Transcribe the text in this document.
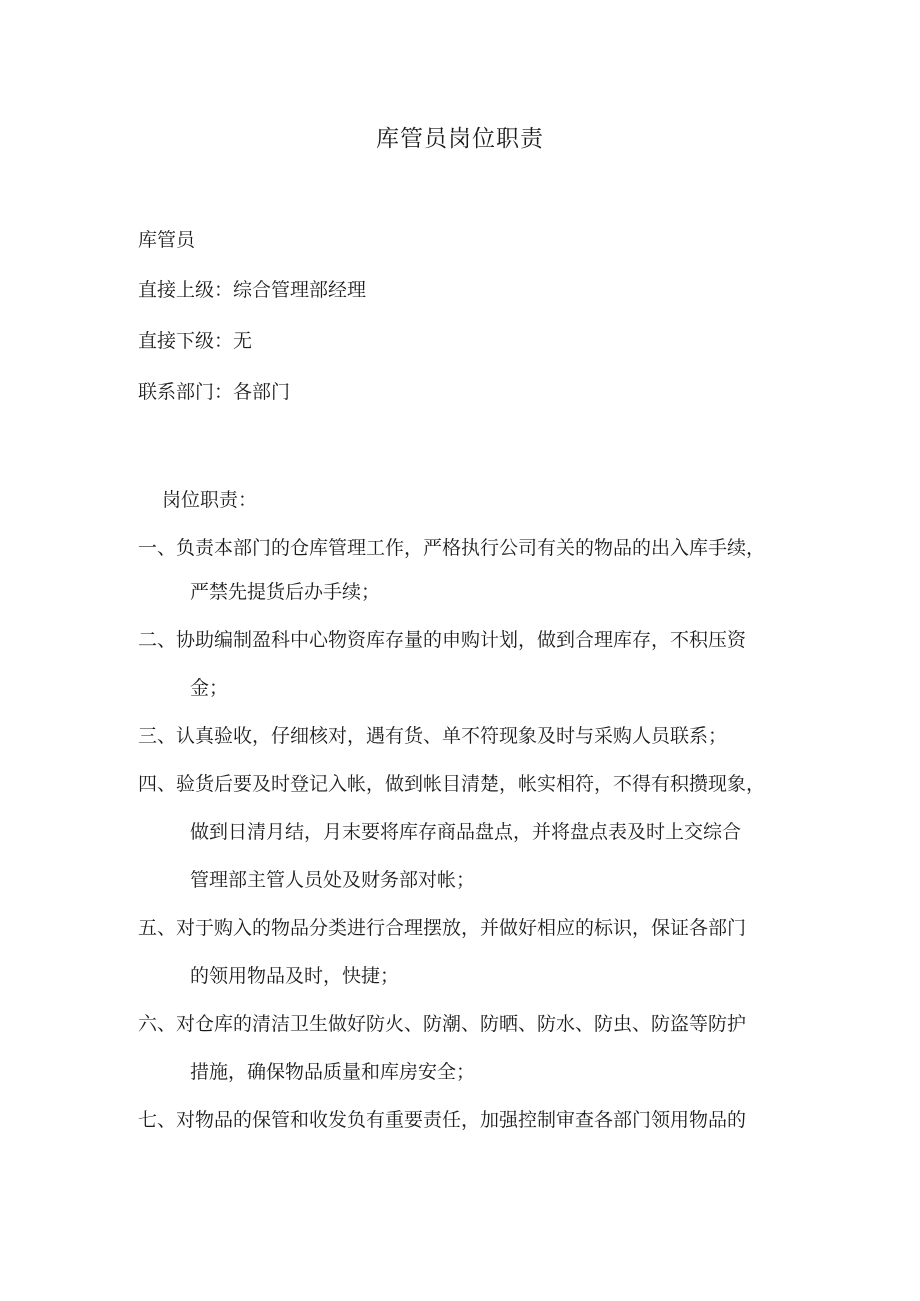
库管员岗位职责
库管员
直接上级：综合管理部经理
直接下级：无
联系部门：各部门
岗位职责：
一、负责本部门的仓库管理工作，严格执行公司有关的物品的出入库手续，
严禁先提货后办手续；
二、协助编制盈科中心物资库存量的申购计划，做到合理库存，不积压资
金；
三、认真验收，仔细核对，遇有货、单不符现象及时与采购人员联系；
四、验货后要及时登记入帐，做到帐目清楚，帐实相符，不得有积攒现象，
做到日清月结，月末要将库存商品盘点，并将盘点表及时上交综合
管理部主管人员处及财务部对帐；
五、对于购入的物品分类进行合理摆放，并做好相应的标识，保证各部门
的领用物品及时，快捷；
六、对仓库的清洁卫生做好防火、防潮、防晒、防水、防虫、防盗等防护
措施，确保物品质量和库房安全；
七、对物品的保管和收发负有重要责任，加强控制审查各部门领用物品的
